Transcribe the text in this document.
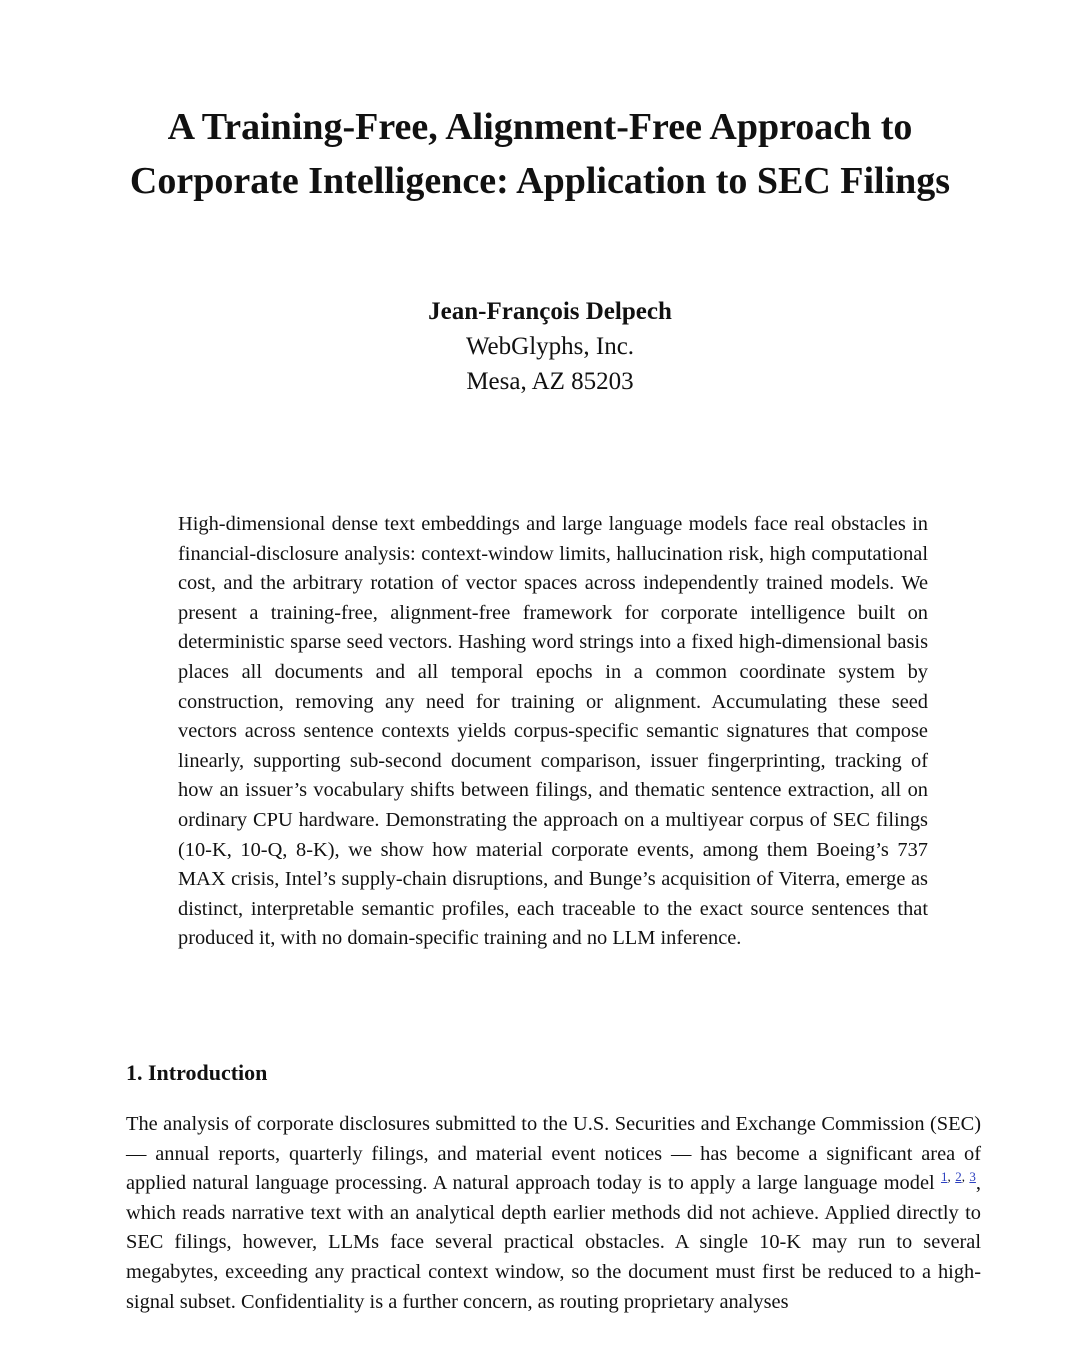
A Training-Free, Alignment-Free Approach to
Corporate Intelligence: Application to SEC Filings
Jean-François Delpech
WebGlyphs, Inc.
Mesa, AZ 85203

High-dimensional dense text embeddings and large language models face real obstacles in financial-disclosure analysis: context-window limits, hallucination risk, high computational cost, and the arbitrary rotation of vector spaces across independently trained models. We present a training-free, alignment-free framework for corporate intelligence built on deterministic sparse seed vectors. Hashing word strings into a fixed high-dimensional basis places all documents and all temporal epochs in a common coordinate system by construction, removing any need for training or alignment. Accumulating these seed vectors across sentence contexts yields corpus-specific semantic signatures that compose linearly, supporting sub-second document comparison, issuer fingerprinting, tracking of how an issuer’s vocabulary shifts between filings, and thematic sentence extraction, all on ordinary CPU hardware. Demonstrating the approach on a multiyear corpus of SEC filings (10-K, 10-Q, 8-K), we show how material corporate events, among them Boeing’s 737 MAX crisis, Intel’s supply-chain disruptions, and Bunge’s acquisition of Viterra, emerge as distinct, interpretable semantic profiles, each traceable to the exact source sentences that produced it, with no domain-specific training and no LLM inference.

1. Introduction

The analysis of corporate disclosures submitted to the U.S. Securities and Exchange Commission (SEC) — annual reports, quarterly filings, and material event notices — has become a significant area of applied natural language processing. A natural approach today is to apply a large language model $^{1, 2, 3}$, which reads narrative text with an analytical depth earlier methods did not achieve. Applied directly to SEC filings, however, LLMs face several practical obstacles. A single 10-K may run to several megabytes, exceeding any practical context window, so the document must first be reduced to a high-signal subset. Confidentiality is a further concern, as routing proprietary analyses
